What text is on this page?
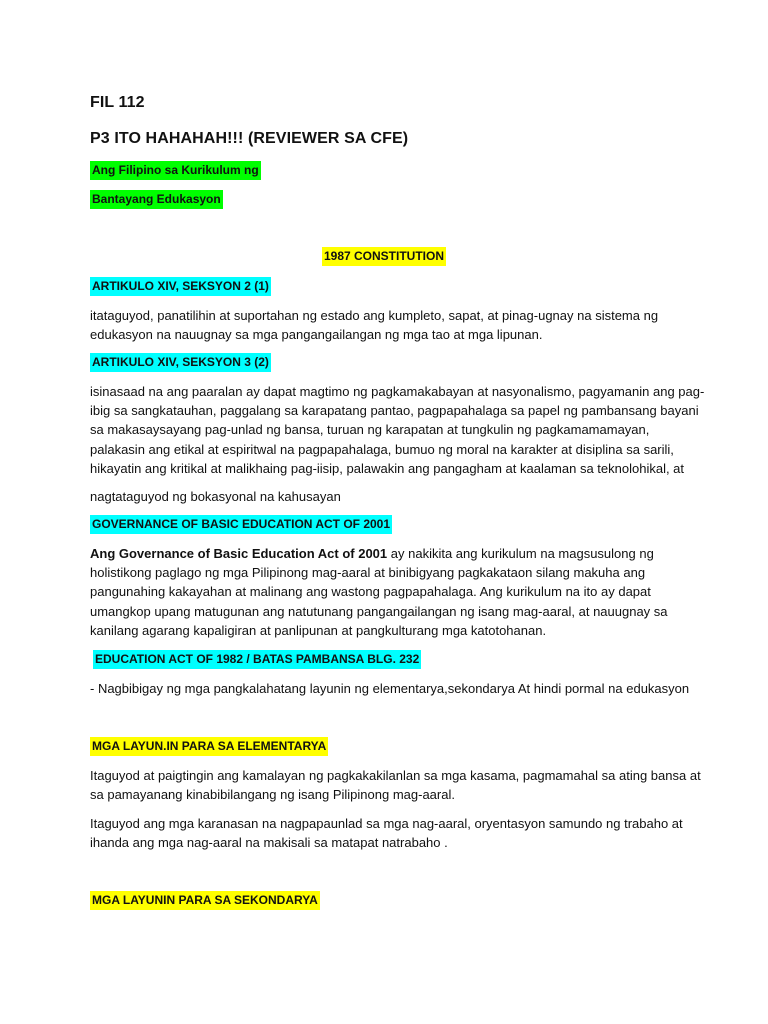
FIL 112
P3 ITO HAHAHAH!!! (REVIEWER SA CFE)
Ang Filipino sa Kurikulum ng
Bantayang Edukasyon
1987 CONSTITUTION
ARTIKULO XIV, SEKSYON 2 (1)
itataguyod, panatilihin at suportahan ng estado ang kumpleto, sapat, at pinag-ugnay na sistema ng
edukasyon na nauugnay sa mga pangangailangan ng mga tao at mga lipunan.
ARTIKULO XIV, SEKSYON 3 (2)
isinasaad na ang paaralan ay dapat magtimo ng pagkamakabayan at nasyonalismo, pagyamanin ang pag-
ibig sa sangkatauhan, paggalang sa karapatang pantao, pagpapahalaga sa papel ng pambansang bayani
sa makasaysayang pag-unlad ng bansa, turuan ng karapatan at tungkulin ng pagkamamamayan,
palakasin ang etikal at espiritwal na pagpapahalaga, bumuo ng moral na karakter at disiplina sa sarili,
hikayatin ang kritikal at malikhaing pag-iisip, palawakin ang pangagham at kaalaman sa teknolohikal, at
nagtataguyod ng bokasyonal na kahusayan
GOVERNANCE OF BASIC EDUCATION ACT OF 2001
Ang Governance of Basic Education Act of 2001 ay nakikita ang kurikulum na magsusulong ng
holistikong paglago ng mga Pilipinong mag-aaral at binibigyang pagkakataon silang makuha ang
pangunahing kakayahan at malinang ang wastong pagpapahalaga. Ang kurikulum na ito ay dapat
umangkop upang matugunan ang natutunang pangangailangan ng isang mag-aaral, at nauugnay sa
kanilang agarang kapaligiran at panlipunan at pangkulturang mga katotohanan.
EDUCATION ACT OF 1982 / BATAS PAMBANSA BLG. 232
- Nagbibigay ng mga pangkalahatang layunin ng elementarya,sekondarya At hindi pormal na edukasyon
MGA LAYUN.IN PARA SA ELEMENTARYA
Itaguyod at paigtingin ang kamalayan ng pagkakakilanlan sa mga kasama, pagmamahal sa ating bansa at
sa pamayanang kinabibilangang ng isang Pilipinong mag-aaral.
Itaguyod ang mga karanasan na nagpapaunlad sa mga nag-aaral, oryentasyon samundo ng trabaho at
ihanda ang mga nag-aaral na makisali sa matapat natrabaho .
MGA LAYUNIN PARA SA SEKONDARYA
